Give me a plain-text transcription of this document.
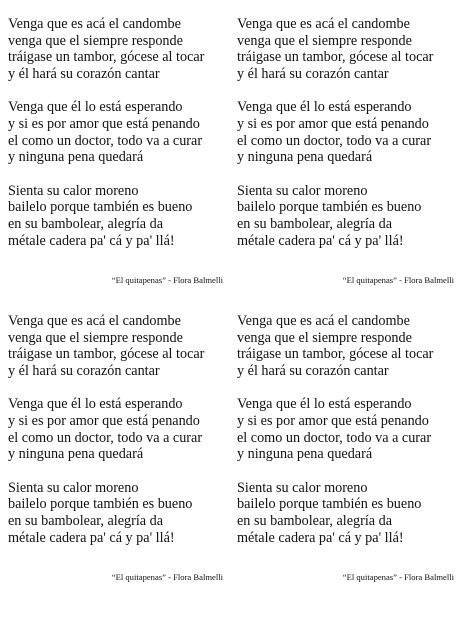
Venga que es acá el candombe
venga que el siempre responde
tráigase un tambor, gócese al tocar
y él hará su corazón cantar
Venga que él lo está esperando
y si es por amor que está penando
el como un doctor, todo va a curar
y ninguna pena quedará
Sienta su calor moreno
bailelo porque también es bueno
en su bambolear, alegría da
métale cadera pa' cá y pa' llá!
“El quitapenas” - Flora Balmelli
Venga que es acá el candombe
venga que el siempre responde
tráigase un tambor, gócese al tocar
y él hará su corazón cantar
Venga que él lo está esperando
y si es por amor que está penando
el como un doctor, todo va a curar
y ninguna pena quedará
Sienta su calor moreno
bailelo porque también es bueno
en su bambolear, alegría da
métale cadera pa' cá y pa' llá!
“El quitapenas” - Flora Balmelli
Venga que es acá el candombe
venga que el siempre responde
tráigase un tambor, gócese al tocar
y él hará su corazón cantar
Venga que él lo está esperando
y si es por amor que está penando
el como un doctor, todo va a curar
y ninguna pena quedará
Sienta su calor moreno
bailelo porque también es bueno
en su bambolear, alegría da
métale cadera pa' cá y pa' llá!
“El quitapenas” - Flora Balmelli
Venga que es acá el candombe
venga que el siempre responde
tráigase un tambor, gócese al tocar
y él hará su corazón cantar
Venga que él lo está esperando
y si es por amor que está penando
el como un doctor, todo va a curar
y ninguna pena quedará
Sienta su calor moreno
bailelo porque también es bueno
en su bambolear, alegría da
métale cadera pa' cá y pa' llá!
“El quitapenas” - Flora Balmelli
